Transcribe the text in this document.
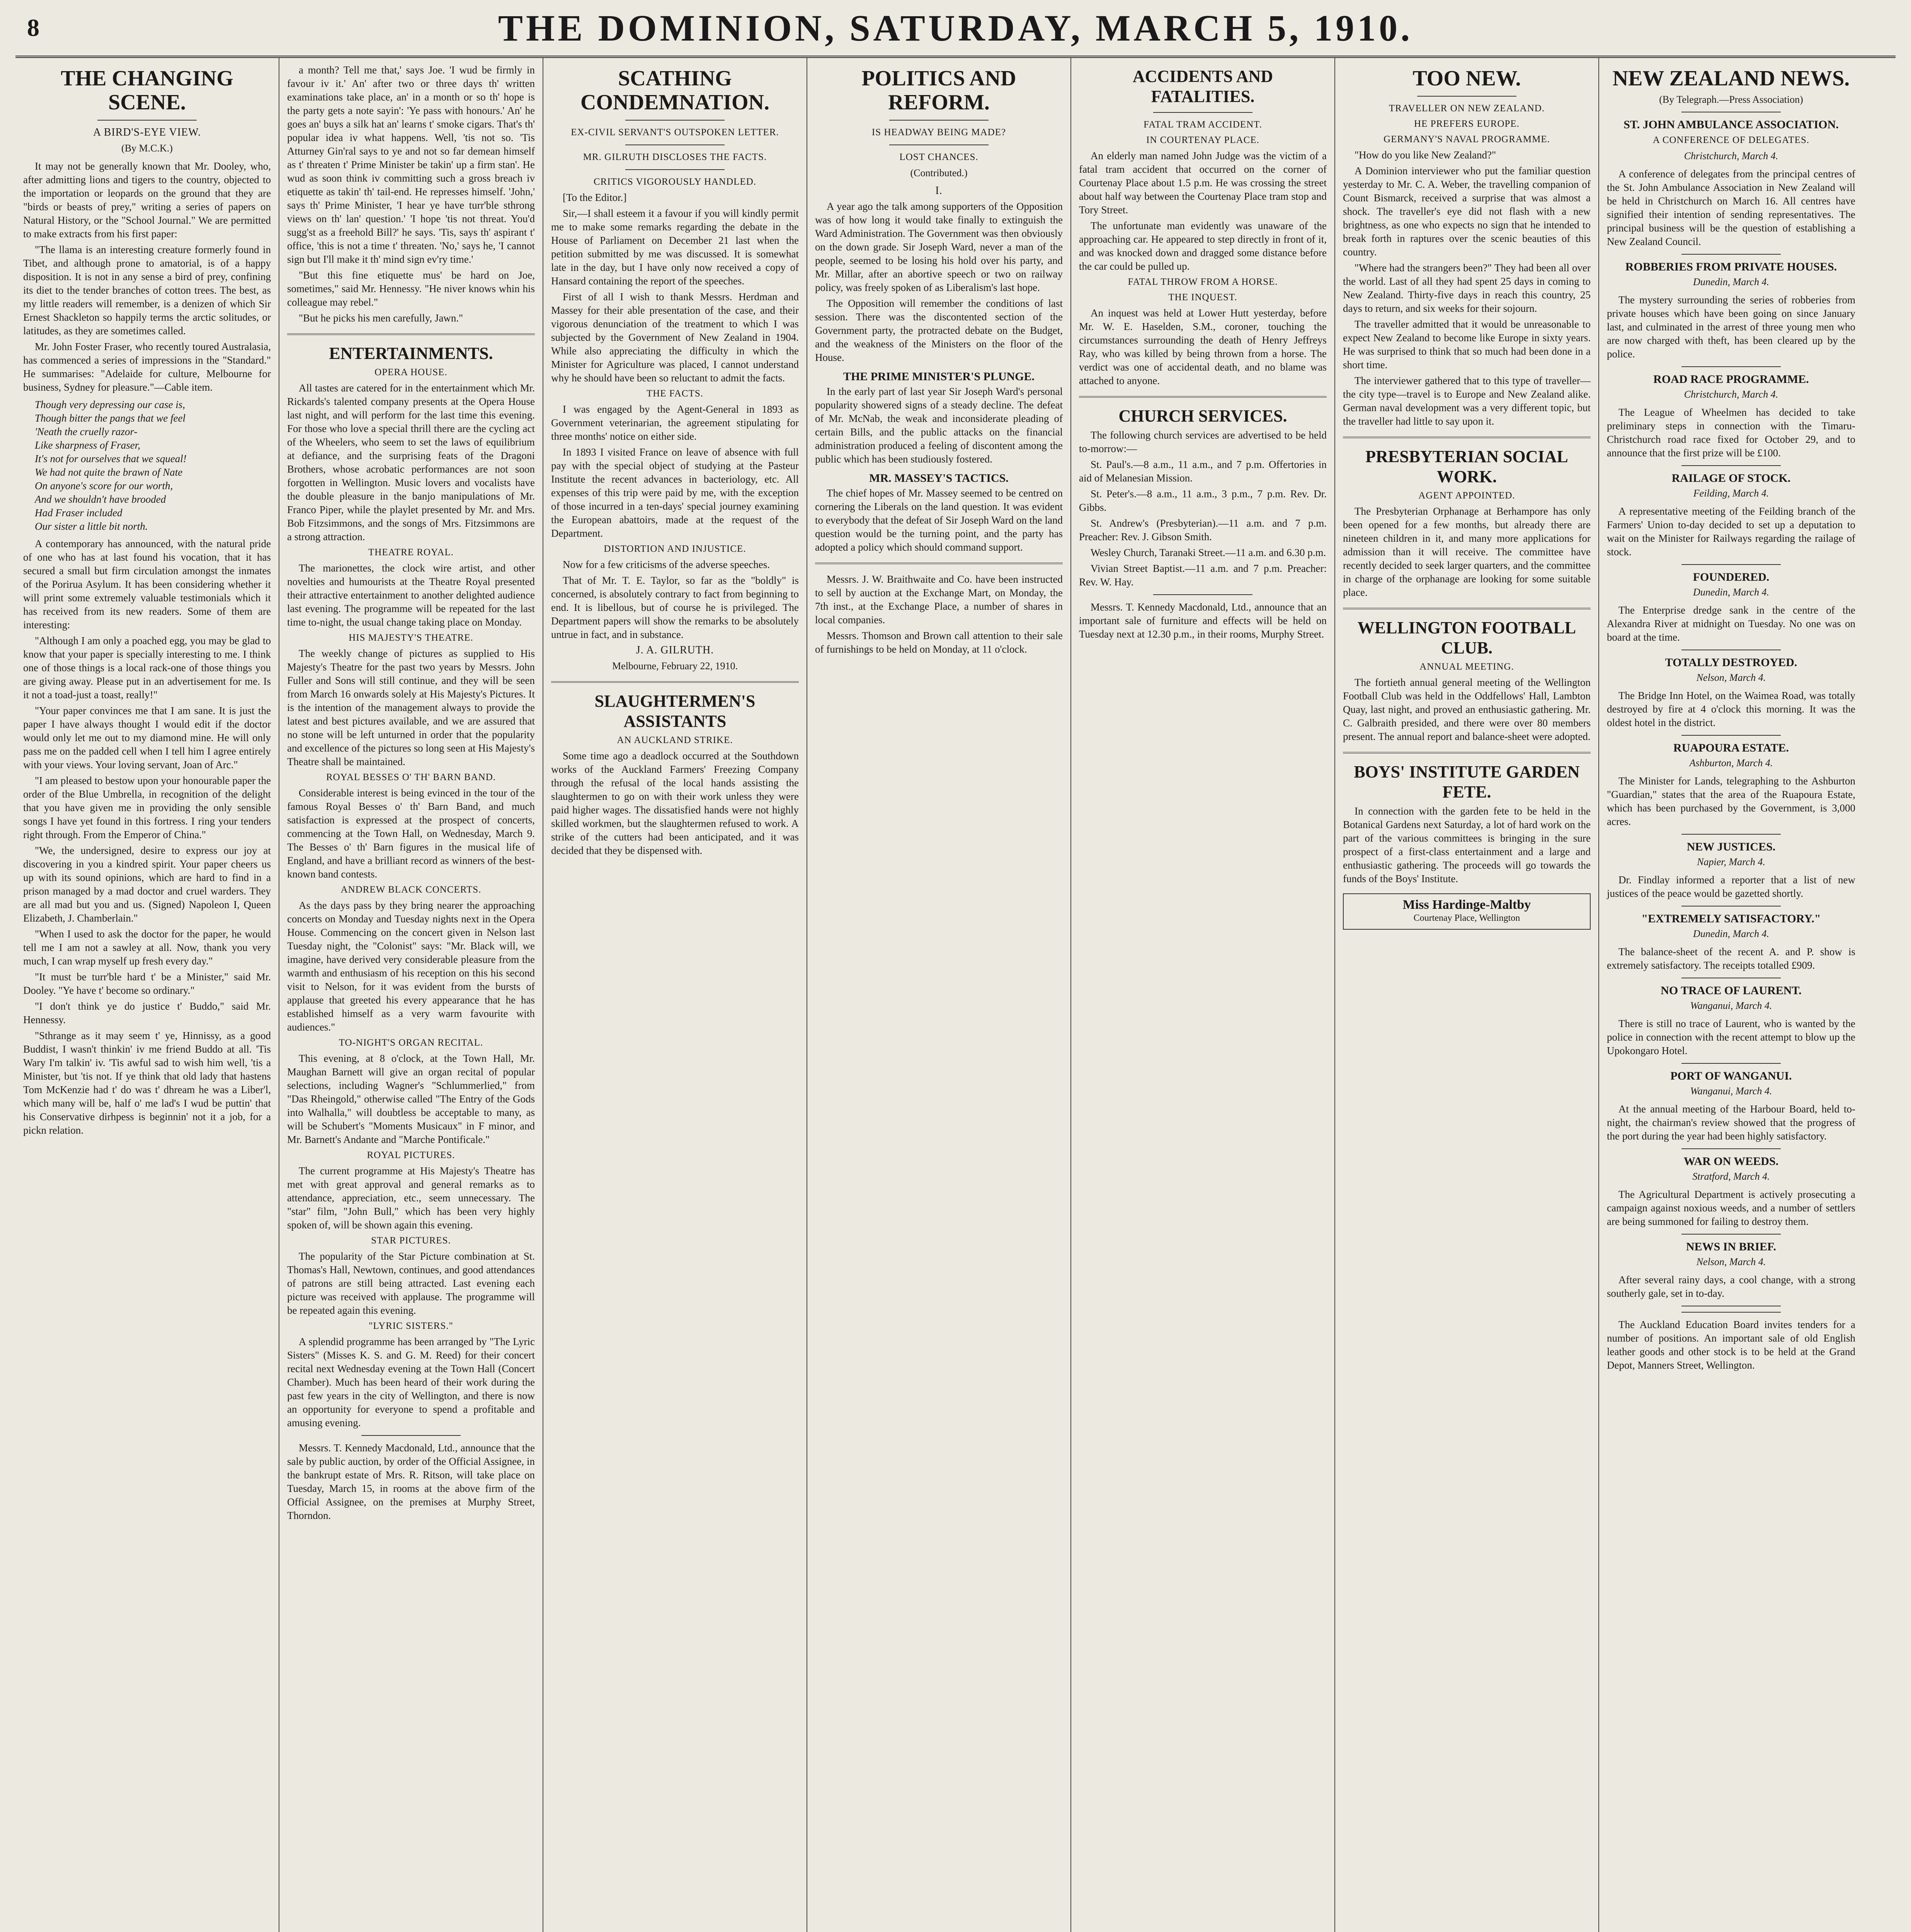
8	THE DOMINION, SATURDAY, MARCH 5, 1910.
THE CHANGING SCENE.
A BIRD'S-EYE VIEW.
(By M.C.K.)

It may not be generally known that Mr. Dooley, who, after admitting lions and tigers to the country, objected to the importation or leopards on the ground that they are "birds or beasts of prey," writing a series of papers on Natural History, or the "School Journal." We are permitted to make extracts from his first paper:

"The llama is an interesting creature formerly found in Tibet, and although prone to amatorial, is of a happy disposition. It is not in any sense a bird of prey, confining its diet to the tender branches of cotton trees. The best, as my little readers will remember, is a denizen of which Sir Ernest Shackleton so happily terms the arctic solitudes, or latitudes, as they are sometimes called.

Mr. John Foster Fraser, who recently toured Australasia, has commenced a series of impressions in the "Standard." He summarises: "Adelaide for culture, Melbourne for business, Sydney for pleasure."—Cable item.

Though very depressing our case is,
Though bitter the pangs that we feel
'Neath the cruelly razor-
Like sharpness of Fraser,
It's not for ourselves that we squeal!
We had not quite the brawn of Nate
On anyone's score for our worth,
And we shouldn't have brooded
Had Fraser included
Our sister a little bit north.

A contemporary has announced, with the natural pride of one who has at last found his vocation, that it has secured a small but firm circulation amongst the inmates of the Porirua Asylum. It has been considering whether it will print some extremely valuable testimonials which it has received from its new readers. Some of them are interesting:

"Although I am only a poached egg, you may be glad to know that your paper is specially interesting to me. I think one of those things is a local rack-one of those things you are giving away. Please put in an advertisement for me. Is it not a toad-just a toast, really!"

"Your paper convinces me that I am sane. It is just the paper I have always thought I would edit if the doctor would only let me out to my diamond mine. He will only pass me on the padded cell when I tell him I agree entirely with your views. Your loving servant, Joan of Arc."

"I am pleased to bestow upon your honourable paper the order of the Blue Umbrella, in recognition of the delight that you have given me in providing the only sensible songs I have yet found in this fortress. I ring your tenders right through. From the Emperor of China."

"We, the undersigned, desire to express our joy at discovering in you a kindred spirit. Your paper cheers us up with its sound opinions, which are hard to find in a prison managed by a mad doctor and cruel warders. They are all mad but you and us. (Signed) Napoleon I, Queen Elizabeth, J. Chamberlain."

"When I used to ask the doctor for the paper, he would tell me I am not a sawley at all. Now, thank you very much, I can wrap myself up fresh every day."

"It must be turr'ble hard t' be a Minister," said Mr. Dooley. "Ye have t' become so ordinary."

"I don't think ye do justice t' Buddo," said Mr. Hennessy.

"Sthrange as it may seem t' ye, Hinnissy, as a good Buddist, I wasn't thinkin' iv me friend Buddo at all. 'Tis Wary I'm talkin' iv. 'Tis awful sad to wish him well, 'tis a Minister, but 'tis not. If ye think that old lady that hastens Tom McKenzie had t' do was t' dhream he was a Liber'l, which many will be, half o' me lad's I wud be puttin' that his Conservative dirhpess is beginnin' not it a job, for a pickn relation.

a month? Tell me that,' says Joe. 'I wud be firmly in favour iv it.' An' after two or three days th' written examinations take place, an' in a month or so th' hope is the party gets a note sayin': 'Ye pass with honours.' An' he goes an' buys a silk hat an' learns t' smoke cigars. That's th' popular idea iv what happens. Well, 'tis not so. 'Tis Atturney Gin'ral says to ye and not so far demean himself as t' threaten t' Prime Minister be takin' up a firm stan'. He wud as soon think iv committing such a gross breach iv etiquette as takin' th' tail-end. He represses himself. 'John,' says th' Prime Minister, 'I hear ye have turr'ble sthrong views on th' lan' question.' 'I hope 'tis not threat. You'd sugg'st as a freehold Bill?' he says. 'Tis, says th' aspirant t' office, 'this is not a time t' threaten. 'No,' says he, 'I cannot sign but I'll make it th' mind sign ev'ry time.'

"But this fine etiquette mus' be hard on Joe, sometimes," said Mr. Hennessy. "He niver knows whin his colleague may rebel."

"But he picks his men carefully, Jawn."

ENTERTAINMENTS.
OPERA HOUSE.

All tastes are catered for in the entertainment which Mr. Rickards's talented company presents at the Opera House last night, and will perform for the last time this evening. For those who love a special thrill there are the cycling act of the Wheelers, who seem to set the laws of equilibrium at defiance, and the surprising feats of the Dragoni Brothers, whose acrobatic performances are not soon forgotten in Wellington. Music lovers and vocalists have the double pleasure in the banjo manipulations of Mr. Franco Piper, while the playlet presented by Mr. and Mrs. Bob Fitzsimmons, and the songs of Mrs. Fitzsimmons are a strong attraction.

THEATRE ROYAL.

The marionettes, the clock wire artist, and other novelties and humourists at the Theatre Royal presented their attractive entertainment to another delighted audience last evening. The programme will be repeated for the last time to-night, the usual change taking place on Monday.

HIS MAJESTY'S THEATRE.

The weekly change of pictures as supplied to His Majesty's Theatre for the past two years by Messrs. John Fuller and Sons will still continue, and they will be seen from March 16 onwards solely at His Majesty's Pictures. It is the intention of the management always to provide the latest and best pictures available, and we are assured that no stone will be left unturned in order that the popularity and excellence of the pictures so long seen at His Majesty's Theatre shall be maintained.

ROYAL BESSES O' TH' BARN BAND.

Considerable interest is being evinced in the tour of the famous Royal Besses o' th' Barn Band, and much satisfaction is expressed at the prospect of concerts, commencing at the Town Hall, on Wednesday, March 9. The Besses o' th' Barn figures in the musical life of England, and have a brilliant record as winners of the best-known band contests.

ANDREW BLACK CONCERTS.

As the days pass by they bring nearer the approaching concerts on Monday and Tuesday nights next in the Opera House. Commencing on the concert given in Nelson last Tuesday night, the "Colonist" says: "Mr. Black will, we imagine, have derived very considerable pleasure from the warmth and enthusiasm of his reception on this his second visit to Nelson, for it was evident from the bursts of applause that greeted his every appearance that he has established himself as a very warm favourite with audiences."

TO-NIGHT'S ORGAN RECITAL.

This evening, at 8 o'clock, at the Town Hall, Mr. Maughan Barnett will give an organ recital of popular selections, including Wagner's "Schlummerlied," from "Das Rheingold," otherwise called "The Entry of the Gods into Walhalla," will doubtless be acceptable to many, as will be Schubert's "Moments Musicaux" in F minor, and Mr. Barnett's Andante and "Marche Pontificale."

ROYAL PICTURES.

The current programme at His Majesty's Theatre has met with great approval and general remarks as to attendance, appreciation, etc., seem unnecessary. The "star" film, "John Bull," which has been very highly spoken of, will be shown again this evening.

STAR PICTURES.

The popularity of the Star Picture combination at St. Thomas's Hall, Newtown, continues, and good attendances of patrons are still being attracted. Last evening each picture was received with applause. The programme will be repeated again this evening.

"LYRIC SISTERS."

A splendid programme has been arranged by "The Lyric Sisters" (Misses K. S. and G. M. Reed) for their concert recital next Wednesday evening at the Town Hall (Concert Chamber). Much has been heard of their work during the past few years in the city of Wellington, and there is now an opportunity for everyone to spend a profitable and amusing evening.

Messrs. T. Kennedy Macdonald, Ltd., announce that the sale by public auction, by order of the Official Assignee, in the bankrupt estate of Mrs. R. Ritson, will take place on Tuesday, March 15, in rooms at the above firm of the Official Assignee, on the premises at Murphy Street, Thorndon.

SCATHING CONDEMNATION.
EX-CIVIL SERVANT'S OUTSPOKEN LETTER.
MR. GILRUTH DISCLOSES THE FACTS.
CRITICS VIGOROUSLY HANDLED.

[To the Editor.]

Sir,—I shall esteem it a favour if you will kindly permit me to make some remarks regarding the debate in the House of Parliament on December 21 last when the petition submitted by me was discussed. It is somewhat late in the day, but I have only now received a copy of Hansard containing the report of the speeches.

First of all I wish to thank Messrs. Herdman and Massey for their able presentation of the case, and their vigorous denunciation of the treatment to which I was subjected by the Government of New Zealand in 1904. While also appreciating the difficulty in which the Minister for Agriculture was placed, I cannot understand why he should have been so reluctant to admit the facts.

THE FACTS.

I was engaged by the Agent-General in 1893 as Government veterinarian, the agreement stipulating for three months' notice on either side.

In 1893 I visited France on leave of absence with full pay with the special object of studying at the Pasteur Institute the recent advances in bacteriology, etc. All expenses of this trip were paid by me, with the exception of those incurred in a ten-days' special journey examining the European abattoirs, made at the request of the Department.

DISTORTION AND INJUSTICE.

Now for a few criticisms of the adverse speeches.

That of Mr. T. E. Taylor, so far as the "boldly" is concerned, is absolutely contrary to fact from beginning to end. It is libellous, but of course he is privileged. The Department papers will show the remarks to be absolutely untrue in fact, and in substance.

J. A. GILRUTH.
Melbourne, February 22, 1910.
SLAUGHTERMEN'S ASSISTANTS
AN AUCKLAND STRIKE.

Some time ago a deadlock occurred at the Southdown works of the Auckland Farmers' Freezing Company through the refusal of the local hands assisting the slaughtermen to go on with their work unless they were paid higher wages. The dissatisfied hands were not highly skilled workmen, but the slaughtermen refused to work. A strike of the cutters had been anticipated, and it was decided that they be dispensed with.

POLITICS AND REFORM.
IS HEADWAY BEING MADE?
LOST CHANCES.
(Contributed.)
I.

A year ago the talk among supporters of the Opposition was of how long it would take finally to extinguish the Ward Administration. The Government was then obviously on the down grade. Sir Joseph Ward, never a man of the people, seemed to be losing his hold over his party, and Mr. Millar, after an abortive speech or two on railway policy, was freely spoken of as Liberalism's last hope.

The Opposition will remember the conditions of last session. There was the discontented section of the Government party, the protracted debate on the Budget, and the weakness of the Ministers on the floor of the House.

THE PRIME MINISTER'S PLUNGE.

In the early part of last year Sir Joseph Ward's personal popularity showered signs of a steady decline. The defeat of Mr. McNab, the weak and inconsiderate pleading of certain Bills, and the public attacks on the financial administration produced a feeling of discontent among the public which has been studiously fostered.

MR. MASSEY'S TACTICS.

The chief hopes of Mr. Massey seemed to be centred on cornering the Liberals on the land question. It was evident to everybody that the defeat of Sir Joseph Ward on the land question would be the turning point, and the party has adopted a policy which should command support.

Messrs. J. W. Braithwaite and Co. have been instructed to sell by auction at the Exchange Mart, on Monday, the 7th inst., at the Exchange Place, a number of shares in local companies.

Messrs. Thomson and Brown call attention to their sale of furnishings to be held on Monday, at 11 o'clock.

ACCIDENTS AND FATALITIES.
FATAL TRAM ACCIDENT.
IN COURTENAY PLACE.

An elderly man named John Judge was the victim of a fatal tram accident that occurred on the corner of Courtenay Place about 1.5 p.m. He was crossing the street about half way between the Courtenay Place tram stop and Tory Street.

The unfortunate man evidently was unaware of the approaching car. He appeared to step directly in front of it, and was knocked down and dragged some distance before the car could be pulled up.

FATAL THROW FROM A HORSE.
THE INQUEST.

An inquest was held at Lower Hutt yesterday, before Mr. W. E. Haselden, S.M., coroner, touching the circumstances surrounding the death of Henry Jeffreys Ray, who was killed by being thrown from a horse. The verdict was one of accidental death, and no blame was attached to anyone.

CHURCH SERVICES.

The following church services are advertised to be held to-morrow:—

St. Paul's.—8 a.m., 11 a.m., and 7 p.m. Offertories in aid of Melanesian Mission.

St. Peter's.—8 a.m., 11 a.m., 3 p.m., 7 p.m. Rev. Dr. Gibbs.

St. Andrew's (Presbyterian).—11 a.m. and 7 p.m. Preacher: Rev. J. Gibson Smith.

Wesley Church, Taranaki Street.—11 a.m. and 6.30 p.m.

Vivian Street Baptist.—11 a.m. and 7 p.m. Preacher: Rev. W. Hay.

Messrs. T. Kennedy Macdonald, Ltd., announce that an important sale of furniture and effects will be held on Tuesday next at 12.30 p.m., in their rooms, Murphy Street.

TOO NEW.
TRAVELLER ON NEW ZEALAND.
HE PREFERS EUROPE.
GERMANY'S NAVAL PROGRAMME.

"How do you like New Zealand?"

A Dominion interviewer who put the familiar question yesterday to Mr. C. A. Weber, the travelling companion of Count Bismarck, received a surprise that was almost a shock. The traveller's eye did not flash with a new brightness, as one who expects no sign that he intended to break forth in raptures over the scenic beauties of this country.

"Where had the strangers been?" They had been all over the world. Last of all they had spent 25 days in coming to New Zealand. Thirty-five days in reach this country, 25 days to return, and six weeks for their sojourn.

The traveller admitted that it would be unreasonable to expect New Zealand to become like Europe in sixty years. He was surprised to think that so much had been done in a short time.

The interviewer gathered that to this type of traveller—the city type—travel is to Europe and New Zealand alike. German naval development was a very different topic, but the traveller had little to say upon it.

PRESBYTERIAN SOCIAL WORK.
AGENT APPOINTED.

The Presbyterian Orphanage at Berhampore has only been opened for a few months, but already there are nineteen children in it, and many more applications for admission than it will receive. The committee have recently decided to seek larger quarters, and the committee in charge of the orphanage are looking for some suitable place.

WELLINGTON FOOTBALL CLUB.
ANNUAL MEETING.

The fortieth annual general meeting of the Wellington Football Club was held in the Oddfellows' Hall, Lambton Quay, last night, and proved an enthusiastic gathering. Mr. C. Galbraith presided, and there were over 80 members present. The annual report and balance-sheet were adopted.

BOYS' INSTITUTE GARDEN FETE.

In connection with the garden fete to be held in the Botanical Gardens next Saturday, a lot of hard work on the part of the various committees is bringing in the sure prospect of a first-class entertainment and a large and enthusiastic gathering. The proceeds will go towards the funds of the Boys' Institute.

Miss Hardinge-Maltby
Courtenay Place, Wellington
NEW ZEALAND NEWS.
(By Telegraph.—Press Association)
ST. JOHN AMBULANCE ASSOCIATION.
A CONFERENCE OF DELEGATES.
Christchurch, March 4.

A conference of delegates from the principal centres of the St. John Ambulance Association in New Zealand will be held in Christchurch on March 16. All centres have signified their intention of sending representatives. The principal business will be the question of establishing a New Zealand Council.

ROBBERIES FROM PRIVATE HOUSES.
Dunedin, March 4.

The mystery surrounding the series of robberies from private houses which have been going on since January last, and culminated in the arrest of three young men who are now charged with theft, has been cleared up by the police.

ROAD RACE PROGRAMME.
Christchurch, March 4.

The League of Wheelmen has decided to take preliminary steps in connection with the Timaru-Christchurch road race fixed for October 29, and to announce that the first prize will be £100.

RAILAGE OF STOCK.
Feilding, March 4.

A representative meeting of the Feilding branch of the Farmers' Union to-day decided to set up a deputation to wait on the Minister for Railways regarding the railage of stock.

FOUNDERED.
Dunedin, March 4.

The Enterprise dredge sank in the centre of the Alexandra River at midnight on Tuesday. No one was on board at the time.

TOTALLY DESTROYED.
Nelson, March 4.

The Bridge Inn Hotel, on the Waimea Road, was totally destroyed by fire at 4 o'clock this morning. It was the oldest hotel in the district.

RUAPOURA ESTATE.
Ashburton, March 4.

The Minister for Lands, telegraphing to the Ashburton "Guardian," states that the area of the Ruapoura Estate, which has been purchased by the Government, is 3,000 acres.

NEW JUSTICES.
Napier, March 4.

Dr. Findlay informed a reporter that a list of new justices of the peace would be gazetted shortly.

"EXTREMELY SATISFACTORY."
Dunedin, March 4.

The balance-sheet of the recent A. and P. show is extremely satisfactory. The receipts totalled £909.

NO TRACE OF LAURENT.
Wanganui, March 4.

There is still no trace of Laurent, who is wanted by the police in connection with the recent attempt to blow up the Upokongaro Hotel.

PORT OF WANGANUI.
Wanganui, March 4.

At the annual meeting of the Harbour Board, held to-night, the chairman's review showed that the progress of the port during the year had been highly satisfactory.

WAR ON WEEDS.
Stratford, March 4.

The Agricultural Department is actively prosecuting a campaign against noxious weeds, and a number of settlers are being summoned for failing to destroy them.

NEWS IN BRIEF.
Nelson, March 4.

After several rainy days, a cool change, with a strong southerly gale, set in to-day.

The Auckland Education Board invites tenders for a number of positions. An important sale of old English leather goods and other stock is to be held at the Grand Depot, Manners Street, Wellington.
